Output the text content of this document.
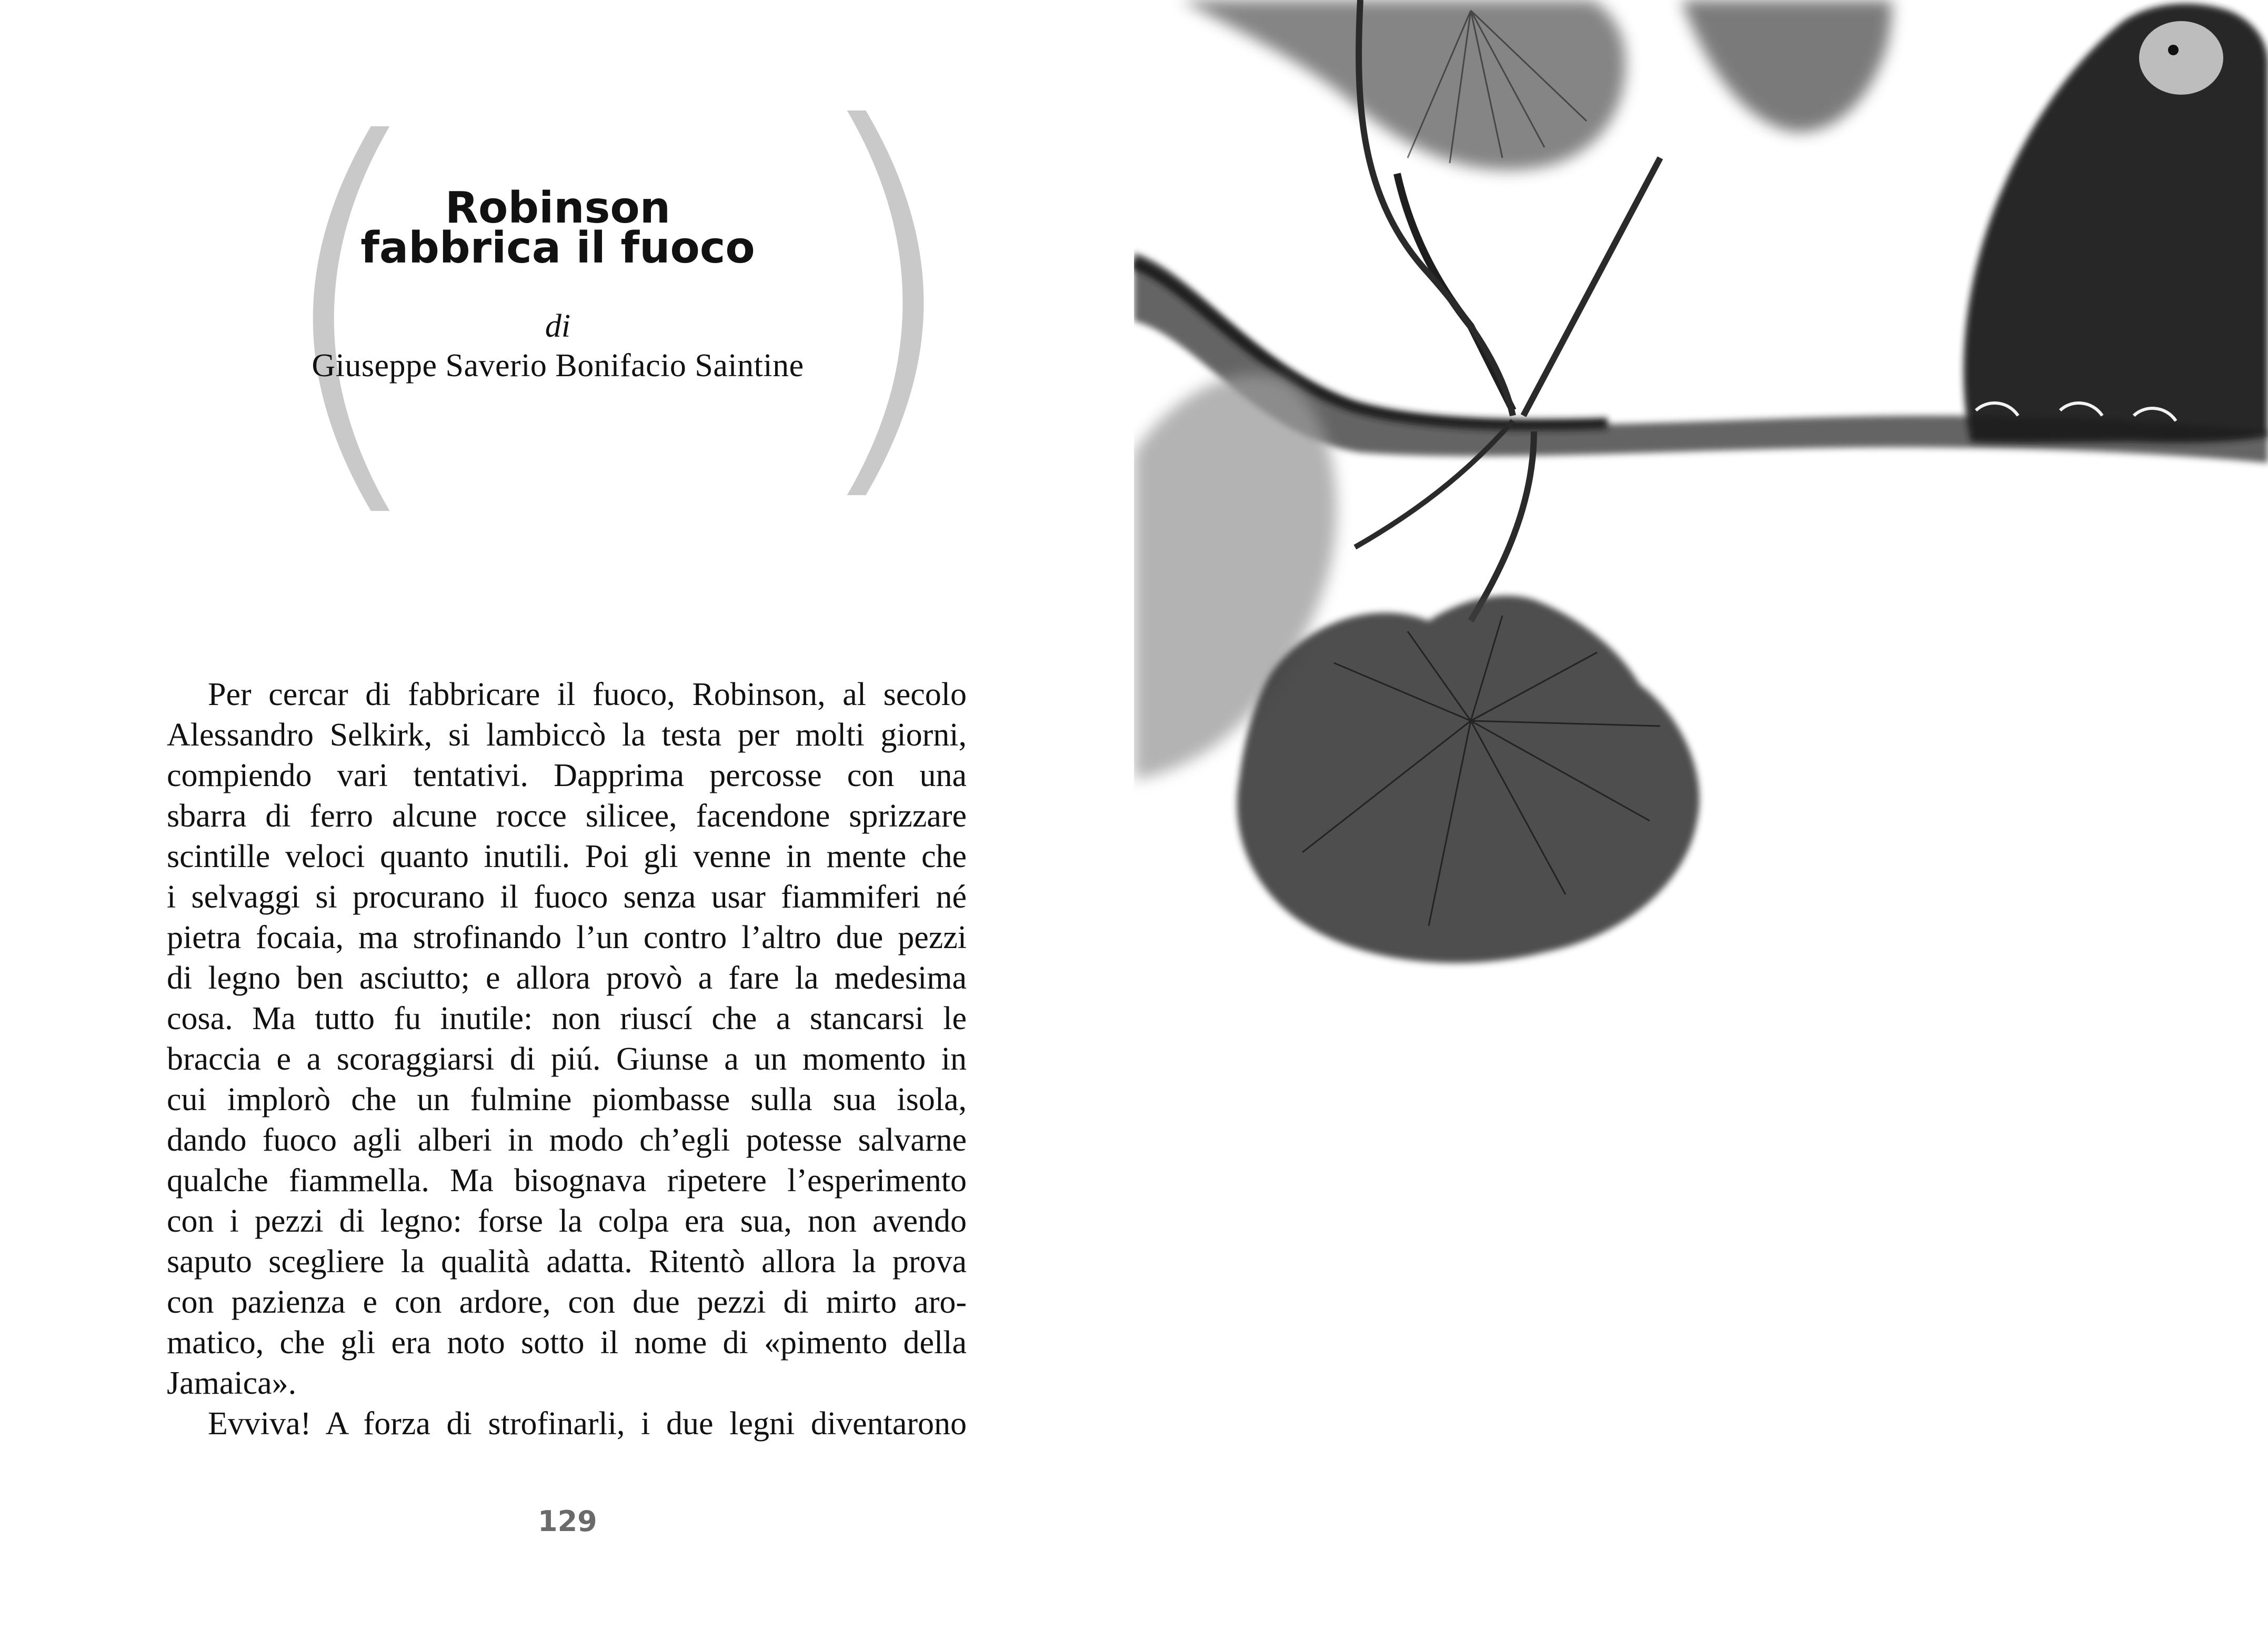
( )
Robinson
fabbrica il fuoco
di
Giuseppe Saverio Bonifacio Saintine
Per cercar di fabbricare il fuoco, Robinson, al secolo
Alessandro Selkirk, si lambiccò la testa per molti giorni,
compiendo vari tentativi. Dapprima percosse con una
sbarra di ferro alcune rocce silicee, facendone sprizzare
scintille veloci quanto inutili. Poi gli venne in mente che
i selvaggi si procurano il fuoco senza usar fiammiferi né
pietra focaia, ma strofinando l’un contro l’altro due pezzi
di legno ben asciutto; e allora provò a fare la medesima
cosa. Ma tutto fu inutile: non riuscí che a stancarsi le
braccia e a scoraggiarsi di piú. Giunse a un momento in
cui implorò che un fulmine piombasse sulla sua isola,
dando fuoco agli alberi in modo ch’egli potesse salvarne
qualche fiammella. Ma bisognava ripetere l’esperimento
con i pezzi di legno: forse la colpa era sua, non avendo
saputo scegliere la qualità adatta. Ritentò allora la prova
con pazienza e con ardore, con due pezzi di mirto aro-
matico, che gli era noto sotto il nome di «pimento della
Jamaica».
Evviva! A forza di strofinarli, i due legni diventarono
129
